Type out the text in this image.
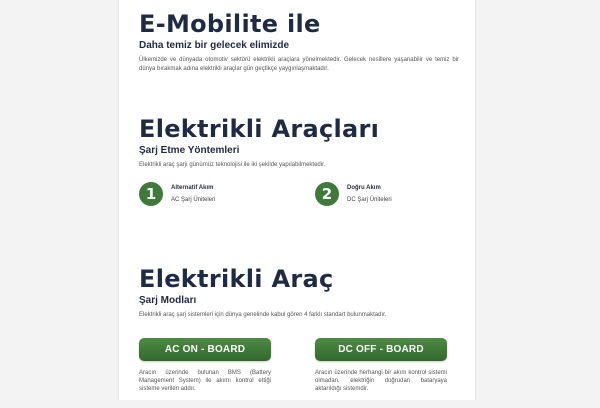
E-Mobilite ile
Daha temiz bir gelecek elimizde

Ülkemizde ve dünyada otomotiv sektörü elektrikli araçlara yönelmektedir. Gelecek nesillere yaşanabilir ve temiz bir dünya bırakmak adına elektrikli araçlar gün geçtikçe yaygınlaşmaktadır.

Elektrikli Araçları
Şarj Etme Yöntemleri

Elektrikli araç şarjı günümüz teknolojisi ile iki şekilde yapılabilmektedir.

1	Alternatif Akım
AC Şarj Üniteleri	2	Doğru Akım
DC Şarj Üniteleri
Elektrikli Araç
Şarj Modları

Elektrikli araç şarj sistemleri için dünya genelinde kabul gören 4 farklı standart bulunmaktadır.

AC ON - BOARD
Aracın üzerinde bulunan BMS (Battery Management System) ile akımı kontrol ettiği sisteme verilen addır.
DC OFF - BOARD
Aracın üzerinde herhangi bir akım kontrol sistemi olmadan, elektriğin doğrudan bataryaya aktarıldığı sistemdir.
